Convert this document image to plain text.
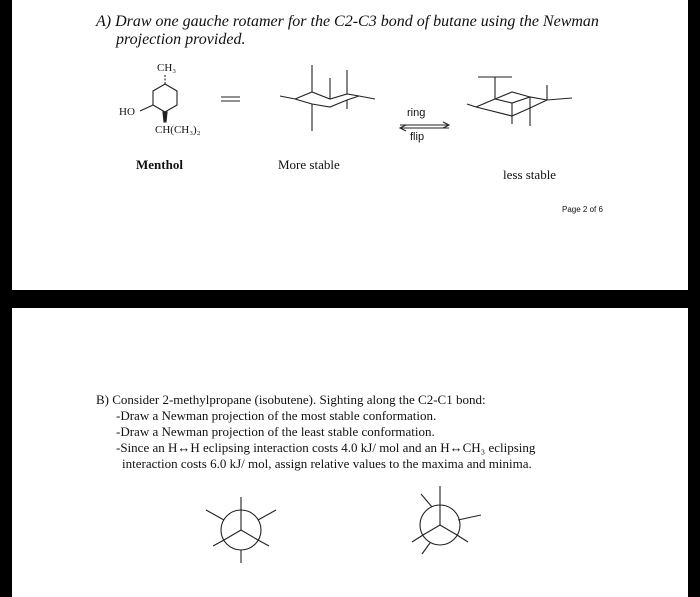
A) Draw one gauche rotamer for the C2-C3 bond of butane using the Newman
projection provided.
CH₃
HO
CH(CH₃)₂
ring
flip
Menthol	More stable
less stable
Page 2 of 6
B) Consider 2-methylpropane (isobutene). Sighting along the C2-C1 bond:
-Draw a Newman projection of the most stable conformation.
-Draw a Newman projection of the least stable conformation.
-Since an H↔H eclipsing interaction costs 4.0 kJ/ mol and an H↔CH₃ eclipsing
interaction costs 6.0 kJ/ mol, assign relative values to the maxima and minima.
